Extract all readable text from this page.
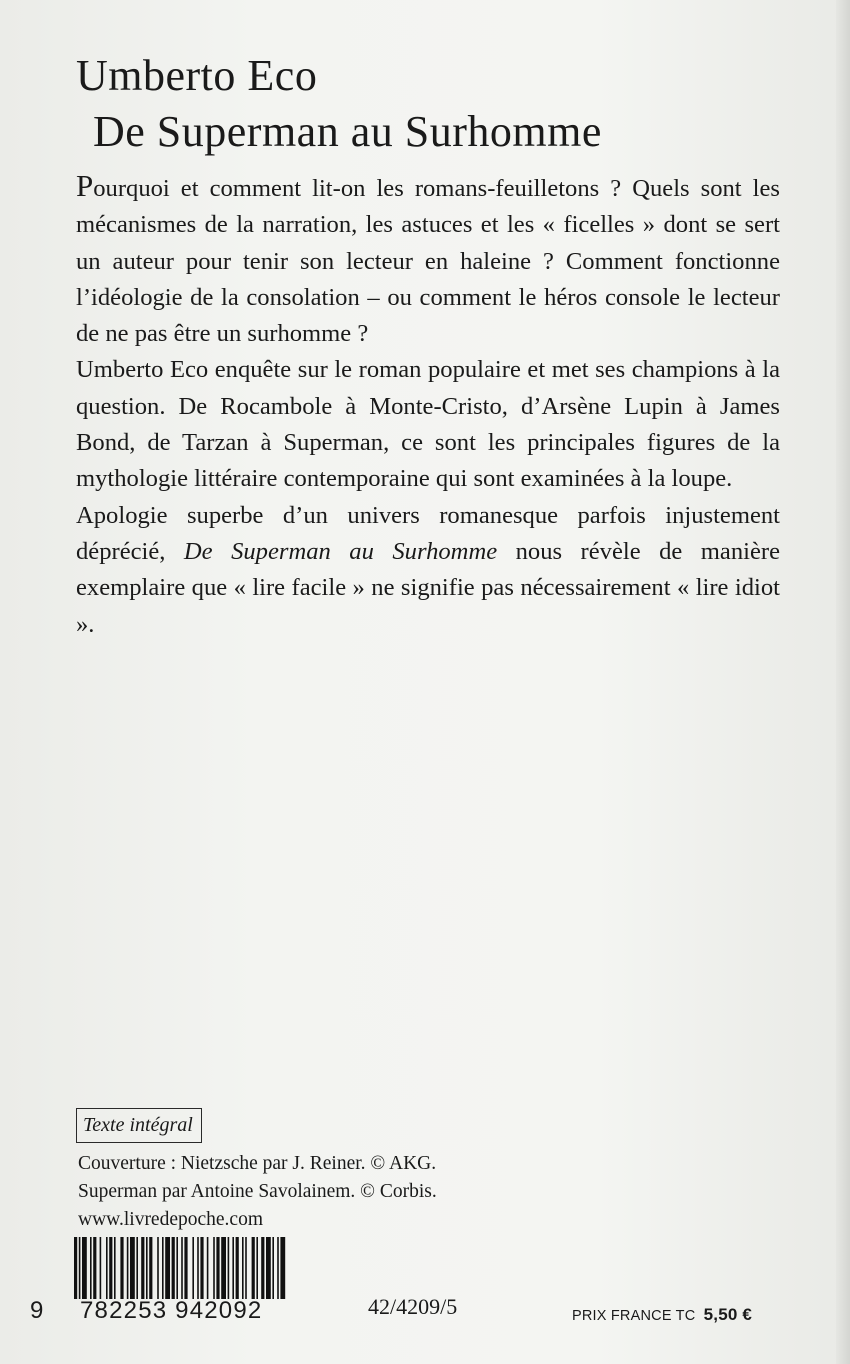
Umberto Eco
De Superman au Surhomme

Pourquoi et comment lit-on les romans-feuilletons ? Quels sont les mécanismes de la narration, les astuces et les « ficelles » dont se sert un auteur pour tenir son lecteur en haleine ? Comment fonctionne l’idéologie de la consolation – ou comment le héros console le lecteur de ne pas être un surhomme ?

Umberto Eco enquête sur le roman populaire et met ses champions à la question. De Rocambole à Monte-Cristo, d’Arsène Lupin à James Bond, de Tarzan à Superman, ce sont les principales figures de la mythologie littéraire contemporaine qui sont examinées à la loupe.

Apologie superbe d’un univers romanesque parfois injustement déprécié, De Superman au Surhomme nous révèle de manière exemplaire que « lire facile » ne signifie pas nécessairement « lire idiot ».

Texte intégral
Couverture : Nietzsche par J. Reiner. © AKG.
Superman par Antoine Savolainem. © Corbis.
www.livredepoche.com
9 782253 942092	42/4209/5	PRIX FRANCE TC 5,50 €
